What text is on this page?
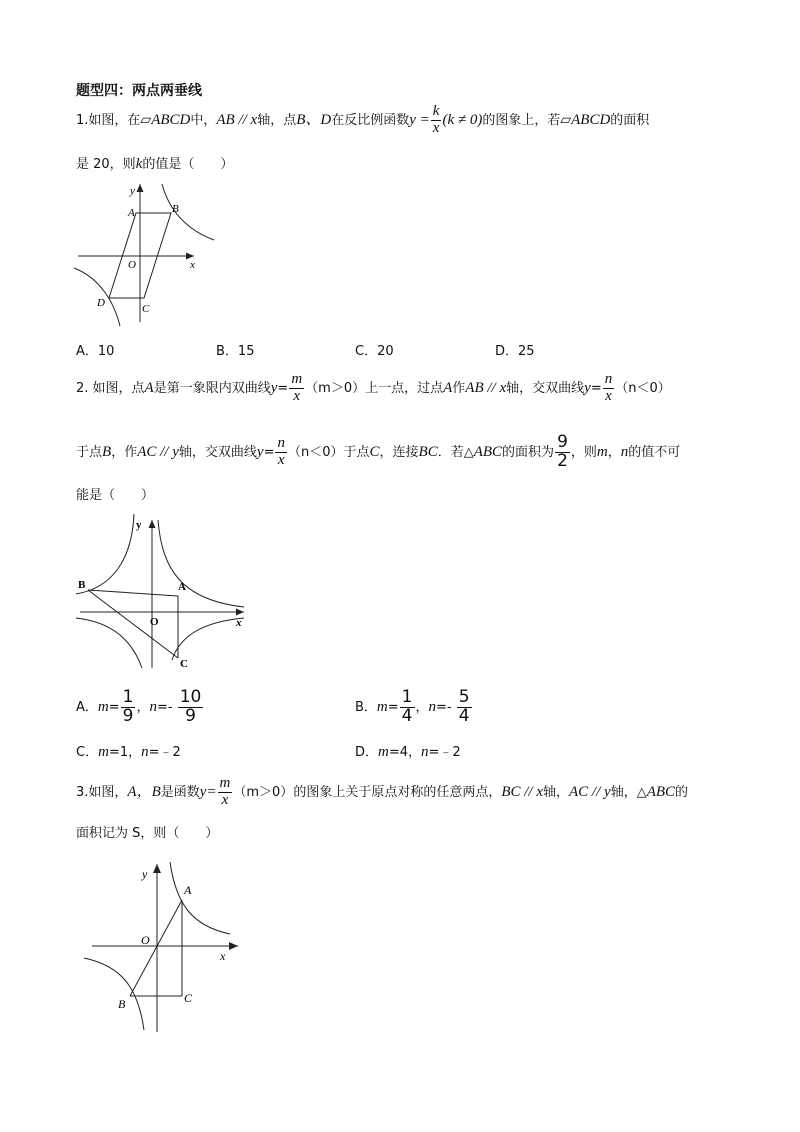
题型四：两点两垂线
1.如图，在▱ABCD中，AB // x轴，点B、D在反比例函数$y = \frac{k}{x} (k \ne 0)$的图象上，若▱ABCD的面积
是 20，则k的值是（　　）
y
x
O
A	B
C
D
A．10	B．15	C．20	D．25
2. 如图，点A是第一象限内双曲线$y= \frac{m}{x} (m>0)$上一点，过点A作AB // x轴，交双曲线$y= \frac{n}{x} (n<0)$
于点B，作AC // y轴，交双曲线$y= \frac{n}{x} (n<0)$于点C，连接BC．若△ABC的面积为 $\frac{9}{2}$ ，则m，n的值不可
能是（　　）
y
x
O
A
B
C
A．$m= \frac{1}{9}$ ，$n=- \frac{10}{9}$	B．$m= \frac{1}{4}$ ，$n=- \frac{5}{4}$
C．m=1，n=﹣2	D．m=4，n=﹣2
3.如图，A，B是函数$y= \frac{m}{x} (m>0)$的图象上关于原点对称的任意两点，BC // x轴，AC // y轴，△ABC的
面积记为 S，则（　　）
y
x
O
A
B	C
